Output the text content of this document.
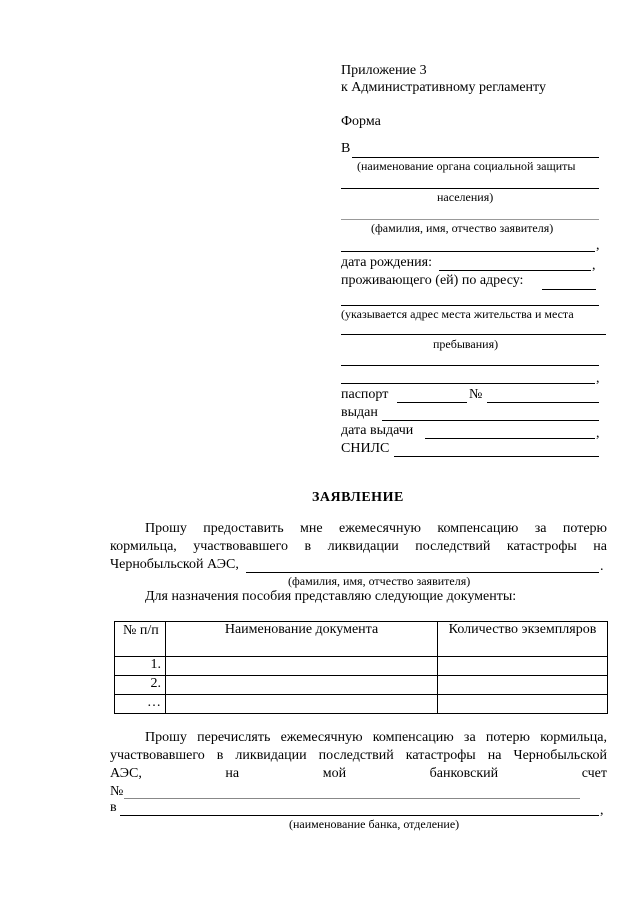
Приложение 3
к Административному регламенту
Форма
В
(наименование органа социальной защиты
населения)
(фамилия, имя, отчество заявителя)
,
дата рождения:	,
проживающего (ей) по адресу:
(указывается адрес места жительства и места
пребывания)
,
паспорт	№
выдан
дата выдачи	,
СНИЛС
ЗАЯВЛЕНИЕ
Прошу предоставить мне ежемесячную компенсацию за потерю
кормильца, участвовавшего в ликвидации последствий катастрофы на
Чернобыльской АЭС,	.
(фамилия, имя, отчество заявителя)
Для назначения пособия представляю следующие документы:
№ п/п	Наименование документа	Количество экземпляров
1.		
2.		
…		
Прошу перечислять ежемесячную компенсацию за потерю кормильца,
участвовавшего в ликвидации последствий катастрофы на Чернобыльской
АЭС, на мой банковский счет
№
в	,
(наименование банка, отделение)
